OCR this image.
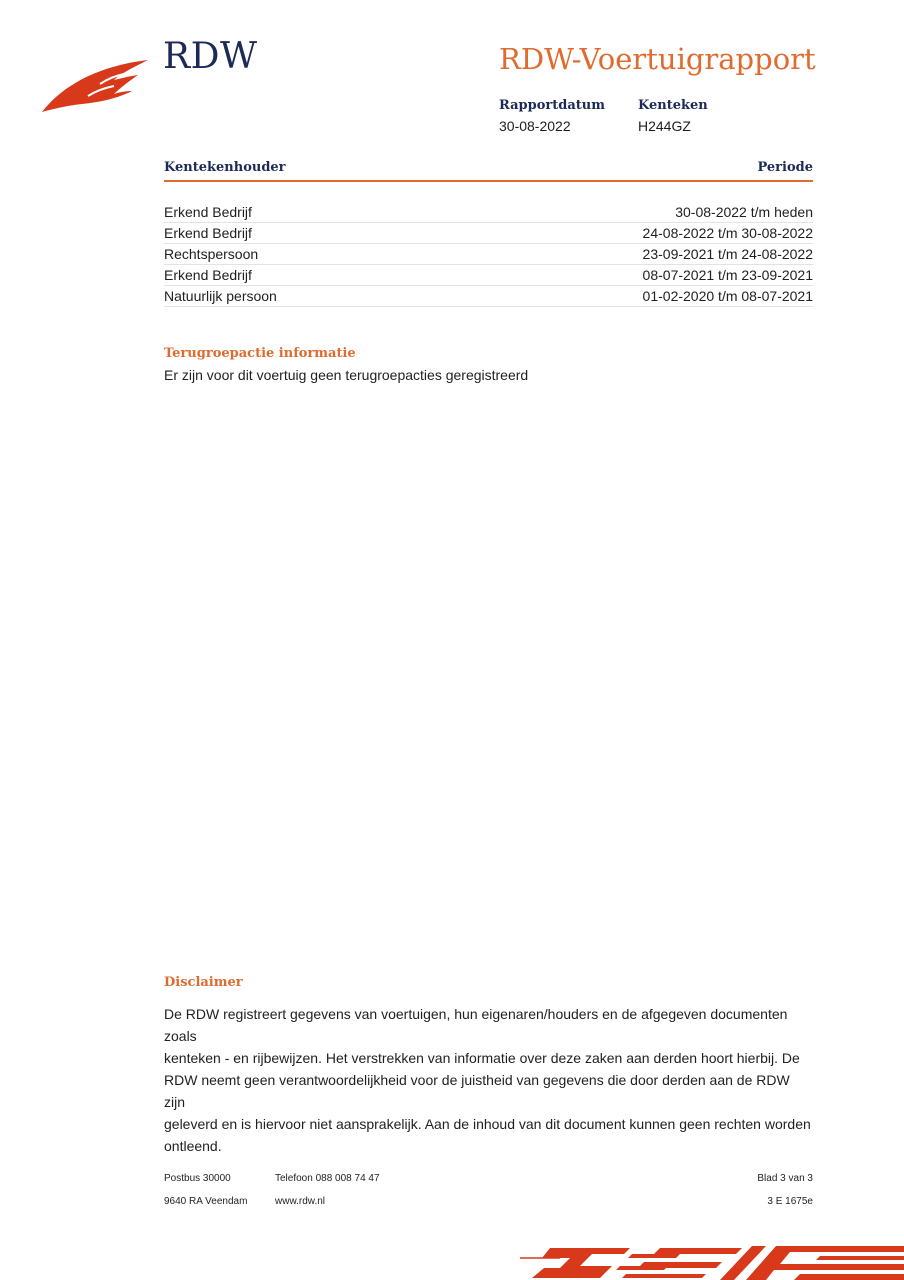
RDW	RDW-Voertuigrapport
Rapportdatum
30-08-2022
Kenteken
H244GZ
Kentekenhouder	Periode
Erkend Bedrijf	30-08-2022 t/m heden
Erkend Bedrijf	24-08-2022 t/m 30-08-2022
Rechtspersoon	23-09-2021 t/m 24-08-2022
Erkend Bedrijf	08-07-2021 t/m 23-09-2021
Natuurlijk persoon	01-02-2020 t/m 08-07-2021
Terugroepactie informatie
Er zijn voor dit voertuig geen terugroepacties geregistreerd
Disclaimer
De RDW registreert gegevens van voertuigen, hun eigenaren/houders en de afgegeven documenten zoals
kenteken - en rijbewijzen. Het verstrekken van informatie over deze zaken aan derden hoort hierbij. De
RDW neemt geen verantwoordelijkheid voor de juistheid van gegevens die door derden aan de RDW zijn
geleverd en is hiervoor niet aansprakelijk. Aan de inhoud van dit document kunnen geen rechten worden
ontleend.
Postbus 30000
9640 RA Veendam
Telefoon 088 008 74 47
www.rdw.nl
Blad 3 van 3
3 E 1675e
